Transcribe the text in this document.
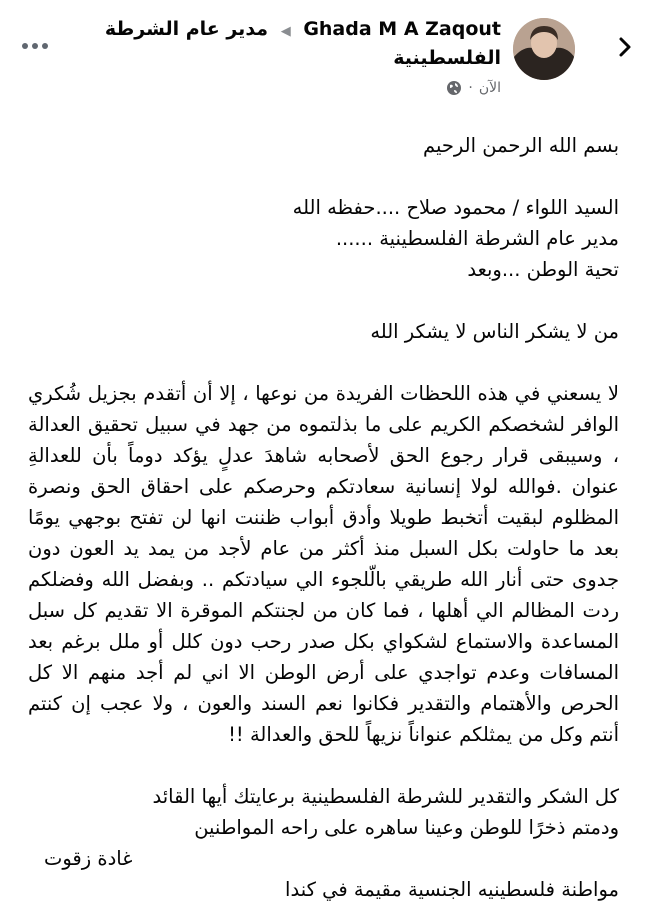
Ghada M A Zaqout ◀ مدير عام الشرطة الفلسطينية
الآن
·

بسم الله الرحمن الرحيم

السيد اللواء / محمود صلاح ....حفظه الله

مدير عام الشرطة الفلسطينية ......

تحية الوطن ...وبعد

من لا يشكر الناس لا يشكر الله

لا يسعني في هذه اللحظات الفريدة من نوعها ، إلا أن أتقدم بجزيل شُكري الوافر لشخصكم الكريم على ما بذلتموه من جهد في سبيل تحقيق العدالة ، وسيبقى قرار رجوع الحق لأصحابه شاهدَ عدلٍ يؤكد دوماً بأن للعدالةِ عنوان .فوالله لولا إنسانية سعادتكم وحرصكم على احقاق الحق ونصرة المظلوم لبقيت أتخبط طويلا وأدق أبواب ظننت انها لن تفتح بوجهي يومًا بعد ما حاولت بكل السبل منذ أكثر من عام لأجد من يمد يد العون دون جدوى حتى أنار الله طريقي بالّلجوء الي سيادتكم .. وبفضل الله وفضلكم ردت المظالم الي أهلها ، فما كان من لجنتكم الموقرة الا تقديم كل سبل المساعدة والاستماع لشكواي بكل صدر رحب دون كلل أو ملل برغم بعد المسافات وعدم تواجدي على أرض الوطن الا اني لم أجد منهم الا كل الحرص والأهتمام والتقدير فكانوا نعم السند والعون ، ولا عجب إن كنتم أنتم وكل من يمثلكم عنواناً نزيهاً للحق والعدالة !!

كل الشكر والتقدير للشرطة الفلسطينية برعايتك أيها القائد

ودمتم ذخرًا للوطن وعينا ساهره على راحه المواطنين

غادة زقوت

مواطنة فلسطينيه الجنسية مقيمة في كندا
